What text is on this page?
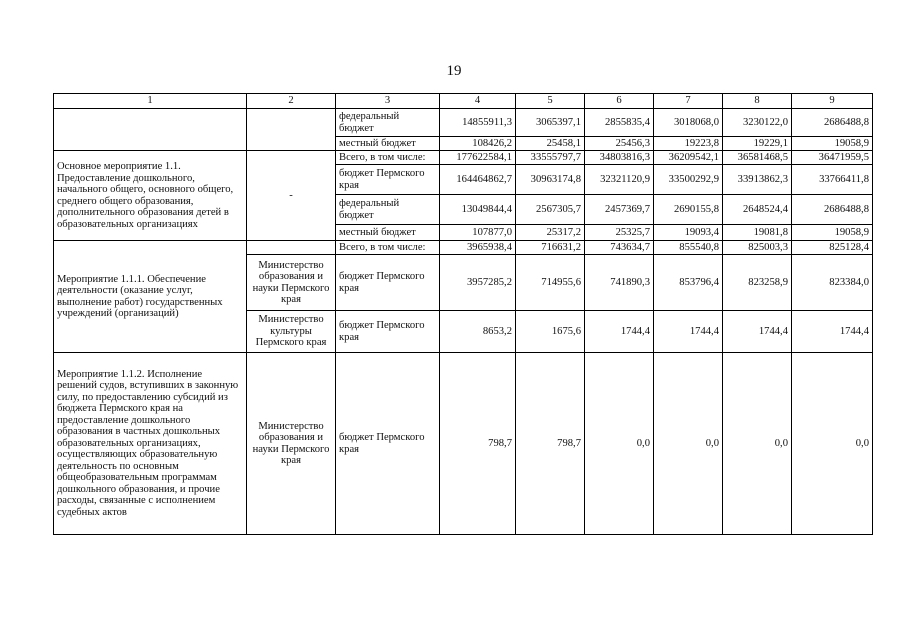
19
1	2	3	4	5	6	7	8	9
		федеральный бюджет	14855911,3	3065397,1	2855835,4	3018068,0	3230122,0	2686488,8
		местный бюджет	108426,2	25458,1	25456,3	19223,8	19229,1	19058,9
Основное мероприятие 1.1. Предоставление дошкольного, начального общего, основного общего, среднего общего образования, дополнительного образования детей в образовательных организациях	-	Всего, в том числе:	177622584,1	33555797,7	34803816,3	36209542,1	36581468,5	36471959,5
		бюджет Пермского края	164464862,7	30963174,8	32321120,9	33500292,9	33913862,3	33766411,8
		федеральный бюджет	13049844,4	2567305,7	2457369,7	2690155,8	2648524,4	2686488,8
		местный бюджет	107877,0	25317,2	25325,7	19093,4	19081,8	19058,9
Мероприятие 1.1.1. Обеспечение деятельности (оказание услуг, выполнение работ) государственных учреждений (организаций)		Всего, в том числе:	3965938,4	716631,2	743634,7	855540,8	825003,3	825128,4
	Министерство образования и науки Пермского края	бюджет Пермского края	3957285,2	714955,6	741890,3	853796,4	823258,9	823384,0
	Министерство культуры Пермского края	бюджет Пермского края	8653,2	1675,6	1744,4	1744,4	1744,4	1744,4
Мероприятие 1.1.2. Исполнение решений судов, вступивших в законную силу, по предоставлению субсидий из бюджета Пермского края на предоставление дошкольного образования в частных дошкольных образовательных организациях, осуществляющих образовательную деятельность по основным общеобразовательным программам дошкольного образования, и прочие расходы, связанные с исполнением судебных актов	Министерство образования и науки Пермского края	бюджет Пермского края	798,7	798,7	0,0	0,0	0,0	0,0
